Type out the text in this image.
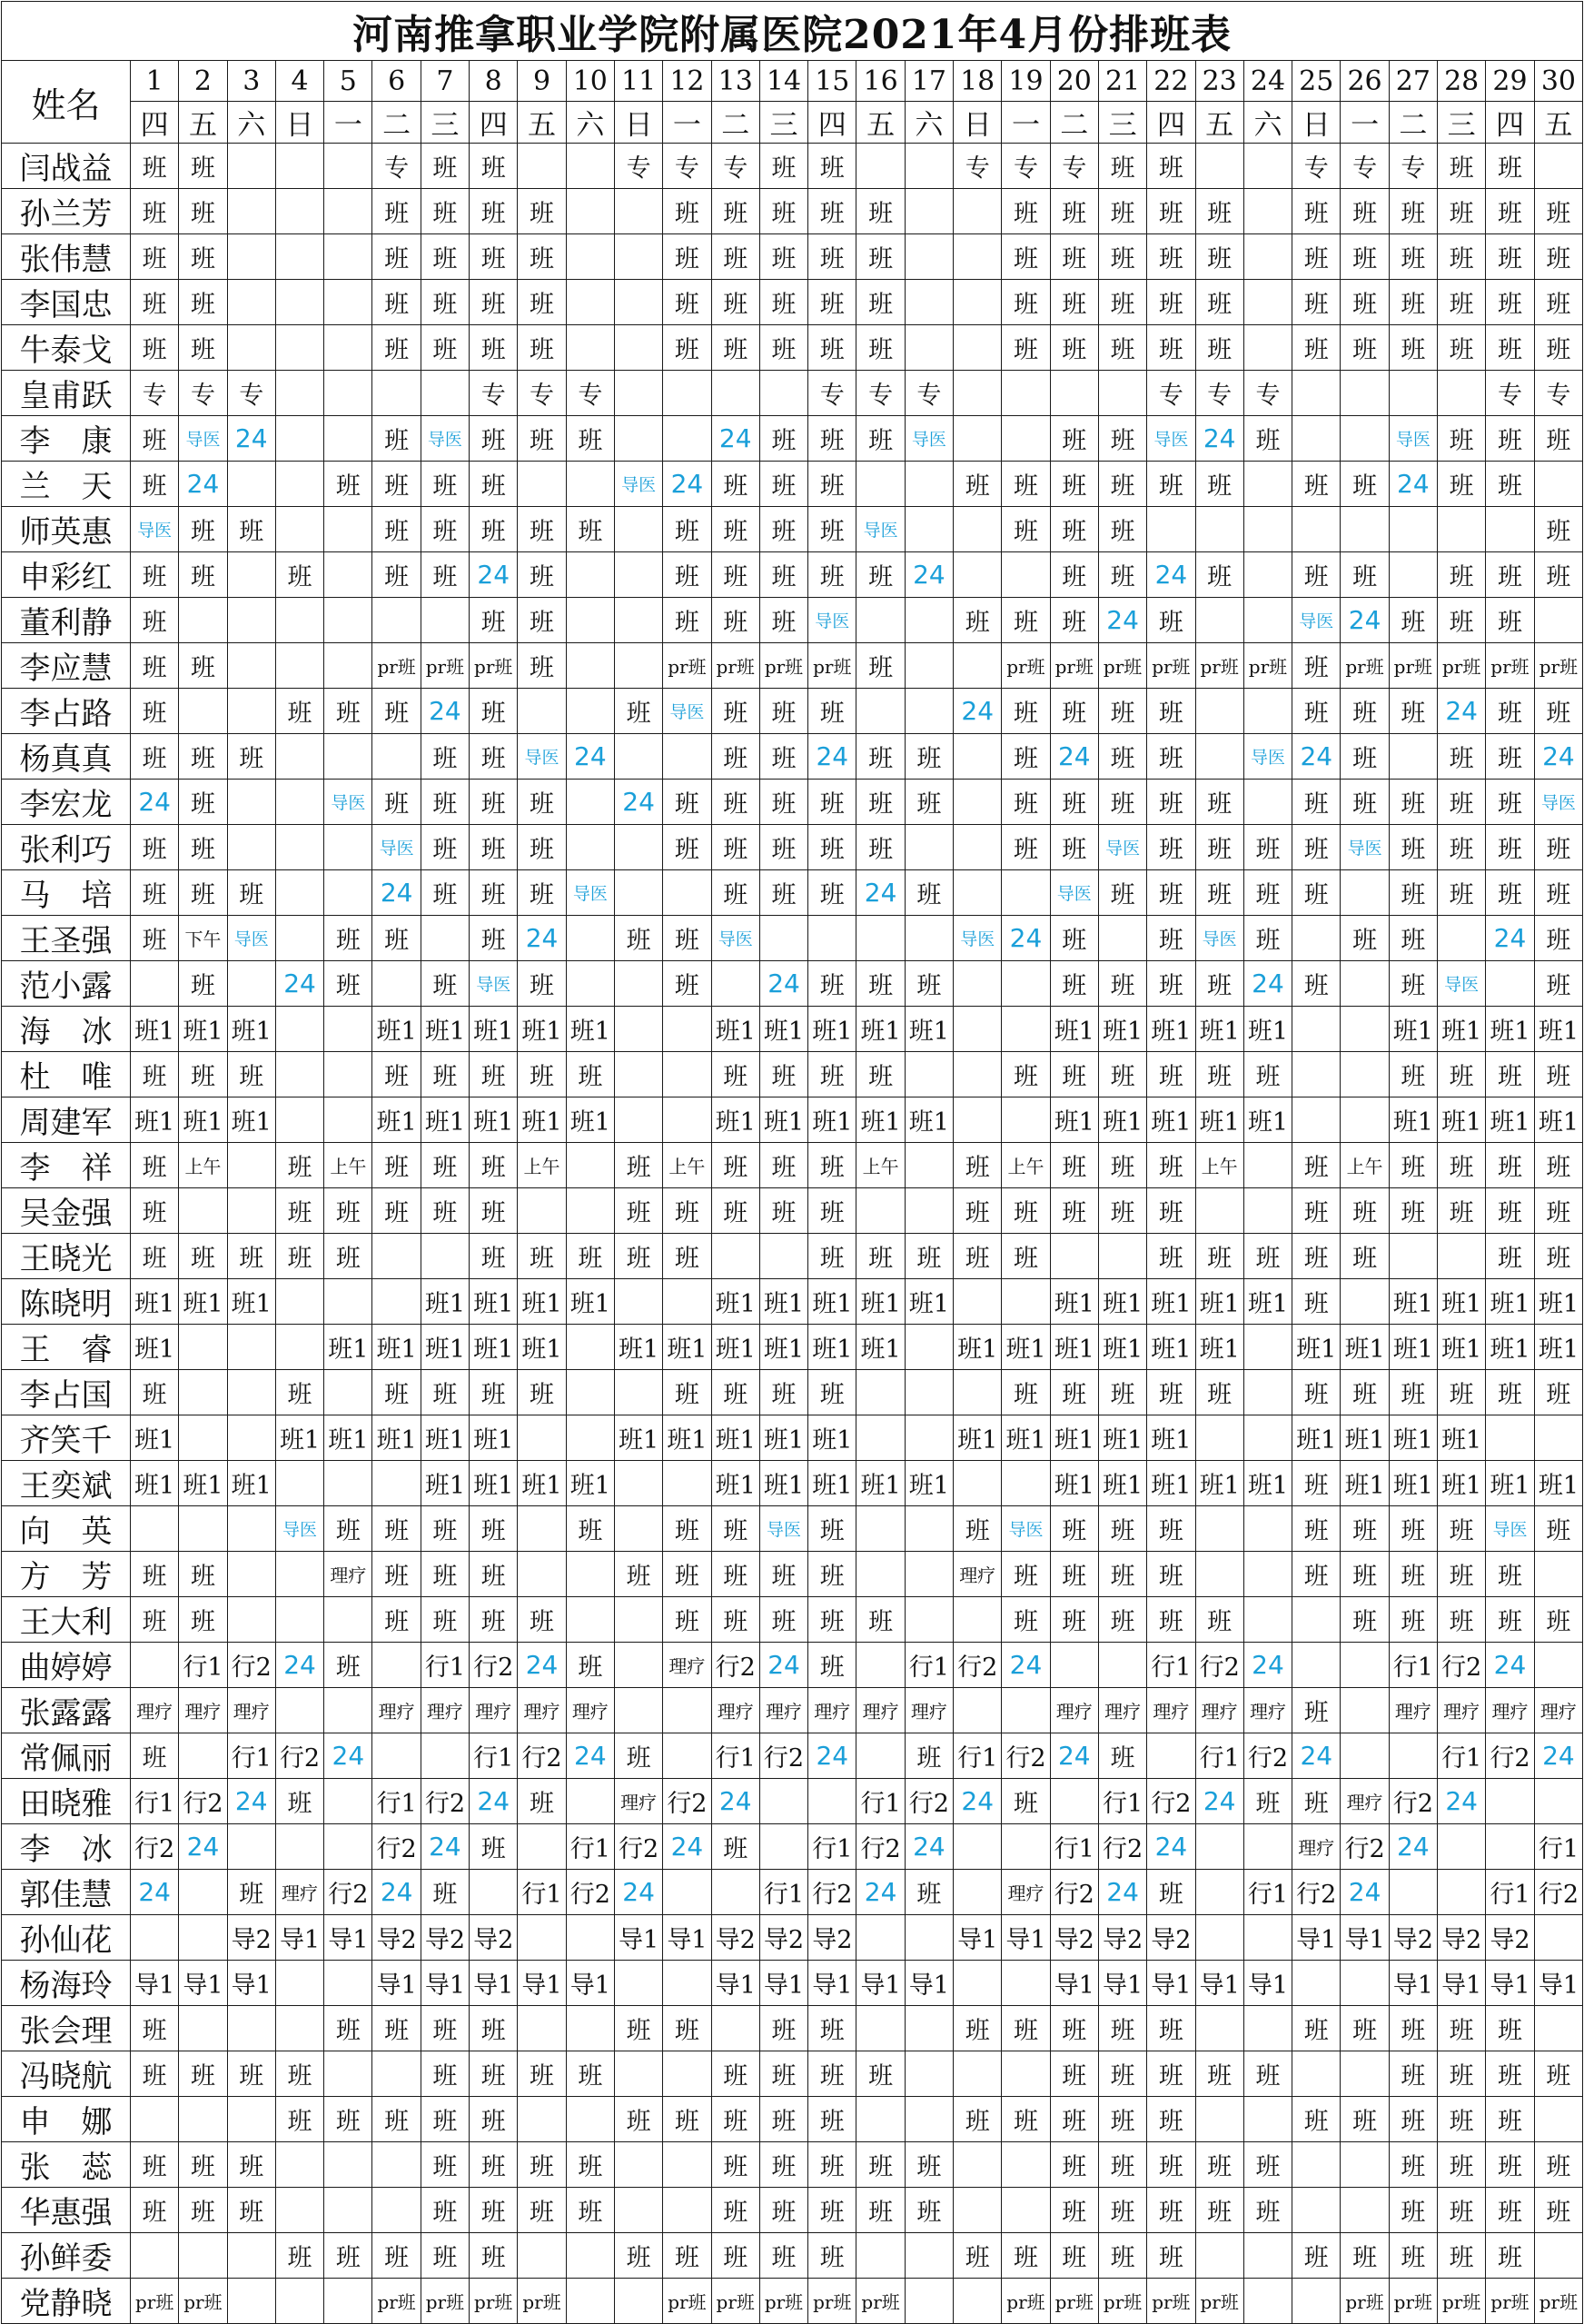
河南推拿职业学院附属医院2021年4月份排班表																														
姓名	1	2	3	4	5	6	7	8	9	10	11	12	13	14	15	16	17	18	19	20	21	22	23	24	25	26	27	28	29	30
	四	五	六	日	一	二	三	四	五	六	日	一	二	三	四	五	六	日	一	二	三	四	五	六	日	一	二	三	四	五
闫战益	班	班				专	班	班			专	专	专	班	班			专	专	专	班	班			专	专	专	班	班	
孙兰芳	班	班				班	班	班	班			班	班	班	班	班			班	班	班	班	班		班	班	班	班	班	班
张伟慧	班	班				班	班	班	班			班	班	班	班	班			班	班	班	班	班		班	班	班	班	班	班
李国忠	班	班				班	班	班	班			班	班	班	班	班			班	班	班	班	班		班	班	班	班	班	班
牛泰戈	班	班				班	班	班	班			班	班	班	班	班			班	班	班	班	班		班	班	班	班	班	班
皇甫跃	专	专	专					专	专	专					专	专	专					专	专	专					专	专
李　康	班	导医	24			班	导医	班	班	班			24	班	班	班	导医			班	班	导医	24	班			导医	班	班	班
兰　天	班	24			班	班	班	班			导医	24	班	班	班			班	班	班	班	班	班		班	班	24	班	班	
师英惠	导医	班	班			班	班	班	班	班		班	班	班	班	导医			班	班	班									班
申彩红	班	班		班		班	班	24	班			班	班	班	班	班	24			班	班	24	班		班	班		班	班	班
董利静	班							班	班			班	班	班	导医			班	班	班	24	班			导医	24	班	班	班	
李应慧	班	班				pr班	pr班	pr班	班			pr班	pr班	pr班	pr班	班			pr班	pr班	pr班	pr班	pr班	pr班	班	pr班	pr班	pr班	pr班	pr班
李占路	班			班	班	班	24	班			班	导医	班	班	班			24	班	班	班	班			班	班	班	24	班	班
杨真真	班	班	班				班	班	导医	24			班	班	24	班	班		班	24	班	班		导医	24	班		班	班	24
李宏龙	24	班			导医	班	班	班	班		24	班	班	班	班	班	班		班	班	班	班	班		班	班	班	班	班	导医
张利巧	班	班				导医	班	班	班			班	班	班	班	班			班	班	导医	班	班	班	班	导医	班	班	班	班
马　培	班	班	班			24	班	班	班	导医			班	班	班	24	班			导医	班	班	班	班	班		班	班	班	班
王圣强	班	下午	导医		班	班		班	24		班	班	导医					导医	24	班		班	导医	班		班	班		24	班
范小露		班		24	班		班	导医	班			班		24	班	班	班			班	班	班	班	24	班		班	导医		班
海　冰	班1	班1	班1			班1	班1	班1	班1	班1			班1	班1	班1	班1	班1			班1	班1	班1	班1	班1			班1	班1	班1	班1
杜　唯	班	班	班			班	班	班	班	班			班	班	班	班			班	班	班	班	班	班			班	班	班	班
周建军	班1	班1	班1			班1	班1	班1	班1	班1			班1	班1	班1	班1	班1			班1	班1	班1	班1	班1			班1	班1	班1	班1
李　祥	班	上午		班	上午	班	班	班	上午		班	上午	班	班	班	上午		班	上午	班	班	班	上午		班	上午	班	班	班	班
吴金强	班			班	班	班	班	班			班	班	班	班	班			班	班	班	班	班			班	班	班	班	班	班
王晓光	班	班	班	班	班			班	班	班	班	班			班	班	班	班	班			班	班	班	班	班			班	班
陈晓明	班1	班1	班1				班1	班1	班1	班1			班1	班1	班1	班1	班1			班1	班1	班1	班1	班1	班		班1	班1	班1	班1
王　睿	班1				班1	班1	班1	班1	班1		班1	班1	班1	班1	班1	班1		班1	班1	班1	班1	班1	班1		班1	班1	班1	班1	班1	班1
李占国	班			班		班	班	班	班			班	班	班	班				班	班	班	班	班		班	班	班	班	班	班
齐笑千	班1			班1	班1	班1	班1	班1			班1	班1	班1	班1	班1			班1	班1	班1	班1	班1			班1	班1	班1	班1		
王奕斌	班1	班1	班1				班1	班1	班1	班1			班1	班1	班1	班1	班1			班1	班1	班1	班1	班1	班	班1	班1	班1	班1	班1
向　英				导医	班	班	班	班		班		班	班	导医	班			班	导医	班	班	班			班	班	班	班	导医	班
方　芳	班	班			理疗	班	班	班			班	班	班	班	班			理疗	班	班	班	班			班	班	班	班	班	
王大利	班	班				班	班	班	班			班	班	班	班	班			班	班	班	班	班			班	班	班	班	班
曲婷婷		行1	行2	24	班		行1	行2	24	班		理疗	行2	24	班		行1	行2	24			行1	行2	24			行1	行2	24	
张露露	理疗	理疗	理疗			理疗	理疗	理疗	理疗	理疗			理疗	理疗	理疗	理疗	理疗			理疗	理疗	理疗	理疗	理疗	班		理疗	理疗	理疗	理疗
常佩丽	班		行1	行2	24			行1	行2	24	班		行1	行2	24		班	行1	行2	24	班		行1	行2	24			行1	行2	24
田晓雅	行1	行2	24	班		行1	行2	24	班		理疗	行2	24			行1	行2	24	班		行1	行2	24	班	班	理疗	行2	24		
李　冰	行2	24				行2	24	班		行1	行2	24	班		行1	行2	24			行1	行2	24			理疗	行2	24			行1
郭佳慧	24		班	理疗	行2	24	班		行1	行2	24			行1	行2	24	班		理疗	行2	24	班		行1	行2	24			行1	行2
孙仙花			导2	导1	导1	导2	导2	导2			导1	导1	导2	导2	导2			导1	导1	导2	导2	导2			导1	导1	导2	导2	导2	
杨海玲	导1	导1	导1			导1	导1	导1	导1	导1			导1	导1	导1	导1	导1			导1	导1	导1	导1	导1			导1	导1	导1	导1
张会理	班				班	班	班	班			班	班		班	班			班	班	班	班	班			班	班	班	班	班	
冯晓航	班	班	班	班			班	班	班	班			班	班	班	班				班	班	班	班	班			班	班	班	班
申　娜				班	班	班	班	班			班	班	班	班	班			班	班	班	班	班			班	班	班	班	班	
张　蕊	班	班	班				班	班	班	班			班	班	班	班	班			班	班	班	班	班			班	班	班	班
华惠强	班	班	班				班	班	班	班			班	班	班	班	班			班	班	班	班	班			班	班	班	班
孙鲜委				班	班	班	班	班			班	班	班	班	班			班	班	班	班	班			班	班	班	班	班	
党静晓	pr班	pr班				pr班	pr班	pr班	pr班			pr班	pr班	pr班	pr班	pr班			pr班	pr班	pr班	pr班	pr班			pr班	pr班	pr班	pr班	pr班
